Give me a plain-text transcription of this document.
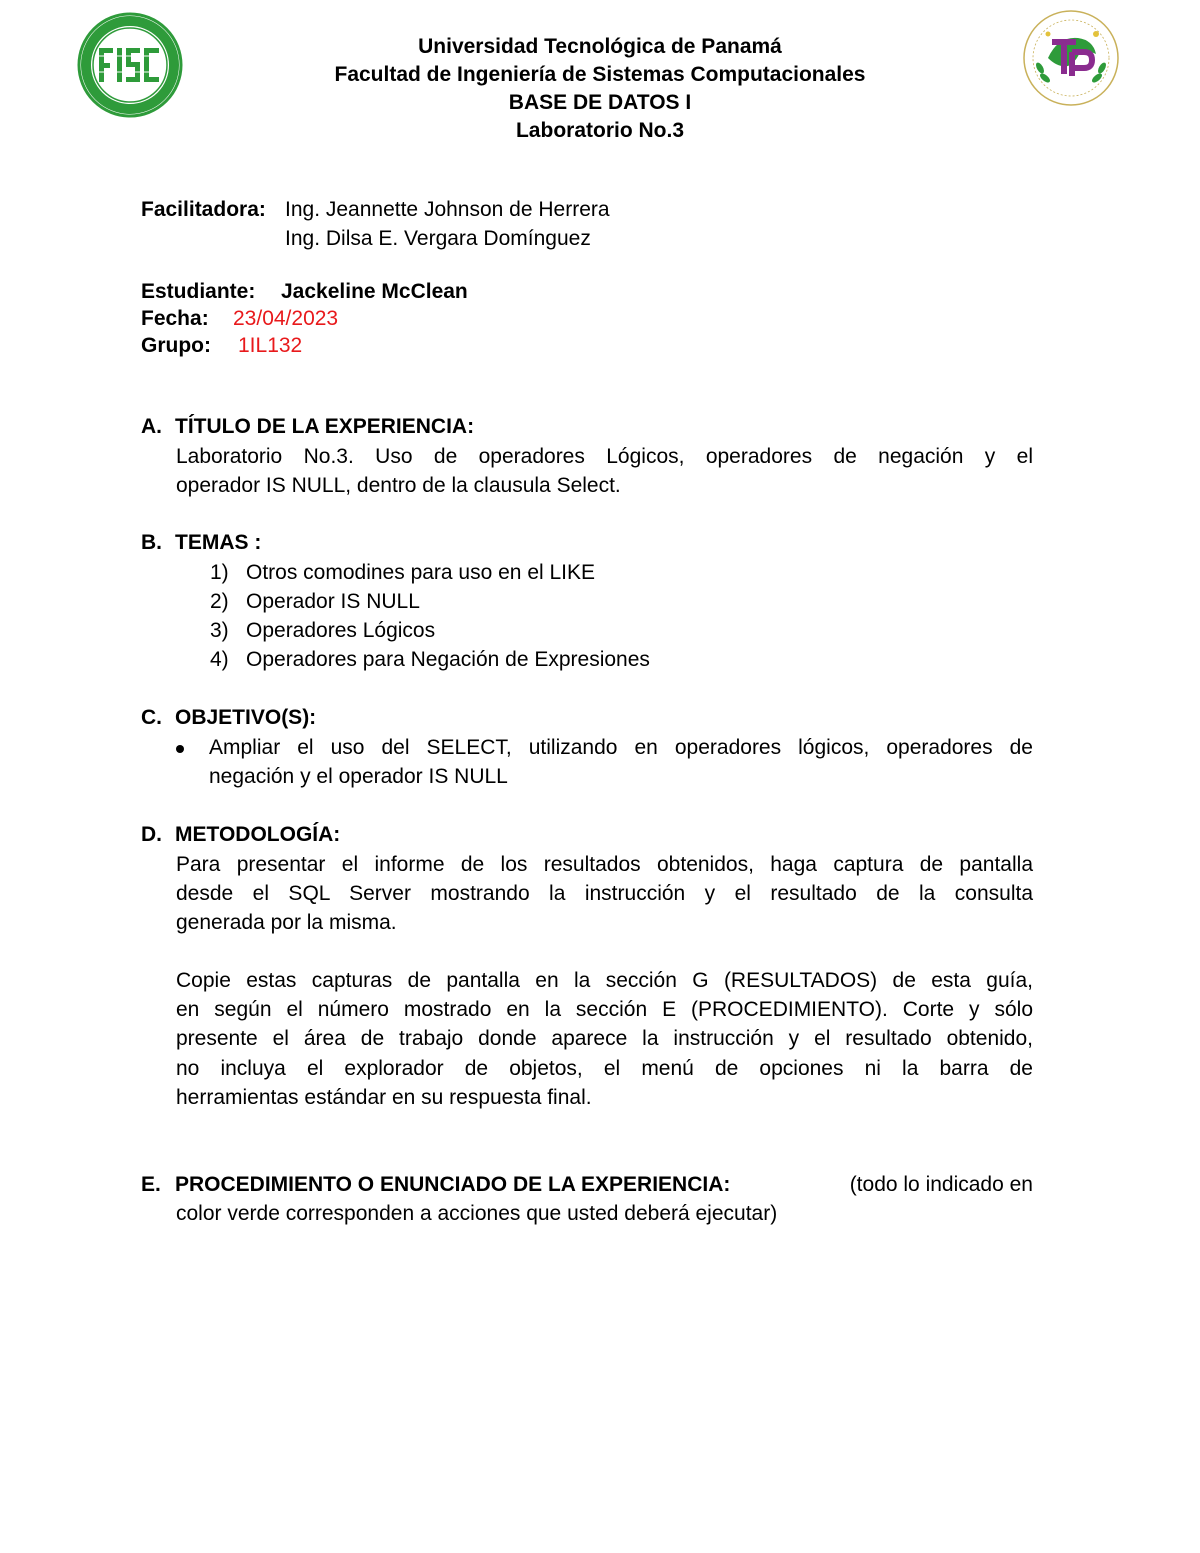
Universidad Tecnológica de Panamá
Facultad de Ingeniería de Sistemas Computacionales
BASE DE DATOS I
Laboratorio No.3
Facilitadora: Ing. Jeannette Johnson de Herrera
Ing. Dilsa E. Vergara Domínguez
Estudiante: Jackeline McClean
Fecha: 23/04/2023
Grupo: 1IL132
A. TÍTULO DE LA EXPERIENCIA:
Laboratorio No.3. Uso de operadores Lógicos, operadores de negación y el
operador IS NULL, dentro de la clausula Select.
B. TEMAS :
1) Otros comodines para uso en el LIKE
2) Operador IS NULL
3) Operadores Lógicos
4) Operadores para Negación de Expresiones
C. OBJETIVO(S):
Ampliar el uso del SELECT, utilizando en operadores lógicos, operadores de
negación y el operador IS NULL
D. METODOLOGÍA:
Para presentar el informe de los resultados obtenidos, haga captura de pantalla
desde el SQL Server mostrando la instrucción y el resultado de la consulta
generada por la misma.
Copie estas capturas de pantalla en la sección G (RESULTADOS) de esta guía,
en según el número mostrado en la sección E (PROCEDIMIENTO). Corte y sólo
presente el área de trabajo donde aparece la instrucción y el resultado obtenido,
no incluya el explorador de objetos, el menú de opciones ni la barra de
herramientas estándar en su respuesta final.
E. PROCEDIMIENTO O ENUNCIADO DE LA EXPERIENCIA:	(todo lo indicado en
color verde corresponden a acciones que usted deberá ejecutar)
